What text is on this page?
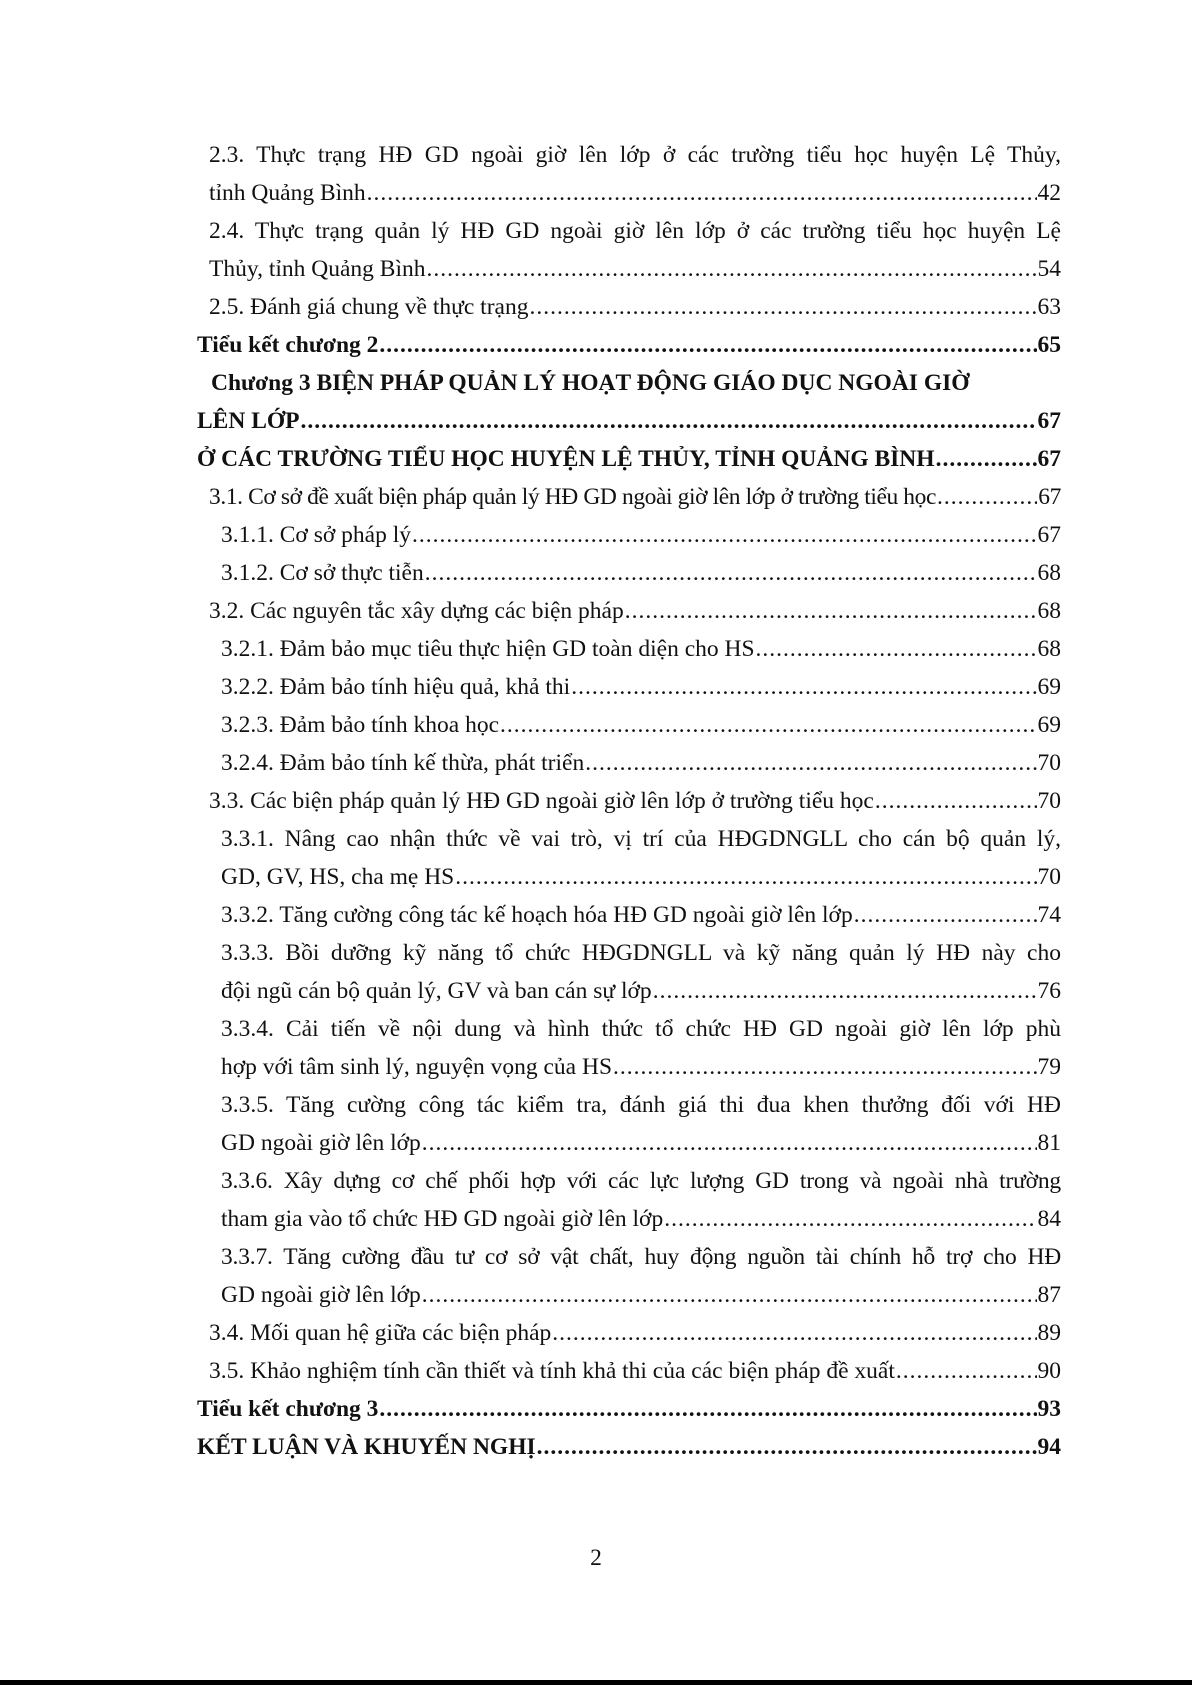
2.3. Thực trạng HĐ GD ngoài giờ lên lớp ở các trường tiểu học huyện Lệ Thủy,
tỉnh Quảng Bình .....	42
2.4. Thực trạng quản lý HĐ GD ngoài giờ lên lớp ở các trường tiểu học huyện Lệ
Thủy, tỉnh Quảng Bình .....	54
2.5. Đánh giá chung về thực trạng .....	63
Tiểu kết chương 2 .....	65
Chương 3 BIỆN PHÁP QUẢN LÝ HOẠT ĐỘNG GIÁO DỤC NGOÀI GIỜ
LÊN LỚP .....	67
Ở CÁC TRƯỜNG TIỂU HỌC HUYỆN LỆ THỦY, TỈNH QUẢNG BÌNH .....	67
3.1. Cơ sở đề xuất biện pháp quản lý HĐ GD ngoài giờ lên lớp ở trường tiểu học .....	67
3.1.1. Cơ sở pháp lý .....	67
3.1.2. Cơ sở thực tiễn .....	68
3.2. Các nguyên tắc xây dựng các biện pháp .....	68
3.2.1. Đảm bảo mục tiêu thực hiện GD toàn diện cho HS .....	68
3.2.2. Đảm bảo tính hiệu quả, khả thi .....	69
3.2.3. Đảm bảo tính khoa học .....	69
3.2.4. Đảm bảo tính kế thừa, phát triển .....	70
3.3. Các biện pháp quản lý HĐ GD ngoài giờ lên lớp ở trường tiểu học .....	70
3.3.1. Nâng cao nhận thức về vai trò, vị trí của HĐGDNGLL cho cán bộ quản lý,
GD, GV, HS, cha mẹ HS .....	70
3.3.2. Tăng cường công tác kế hoạch hóa HĐ GD ngoài giờ lên lớp .....	74
3.3.3. Bồi dưỡng kỹ năng tổ chức HĐGDNGLL và kỹ năng quản lý HĐ này cho
đội ngũ cán bộ quản lý, GV và ban cán sự lớp .....	76
3.3.4. Cải tiến về nội dung và hình thức tổ chức HĐ GD ngoài giờ lên lớp phù
hợp với tâm sinh lý, nguyện vọng của HS .....	79
3.3.5. Tăng cường công tác kiểm tra, đánh giá thi đua khen thưởng đối với HĐ
GD ngoài giờ lên lớp .....	81
3.3.6. Xây dựng cơ chế phối hợp với các lực lượng GD trong và ngoài nhà trường
tham gia vào tổ chức HĐ GD ngoài giờ lên lớp .....	84
3.3.7. Tăng cường đầu tư cơ sở vật chất, huy động nguồn tài chính hỗ trợ cho HĐ
GD ngoài giờ lên lớp .....	87
3.4. Mối quan hệ giữa các biện pháp .....	89
3.5. Khảo nghiệm tính cần thiết và tính khả thi của các biện pháp đề xuất .....	90
Tiểu kết chương 3 .....	93
KẾT LUẬN VÀ KHUYẾN NGHỊ .....	94
2
